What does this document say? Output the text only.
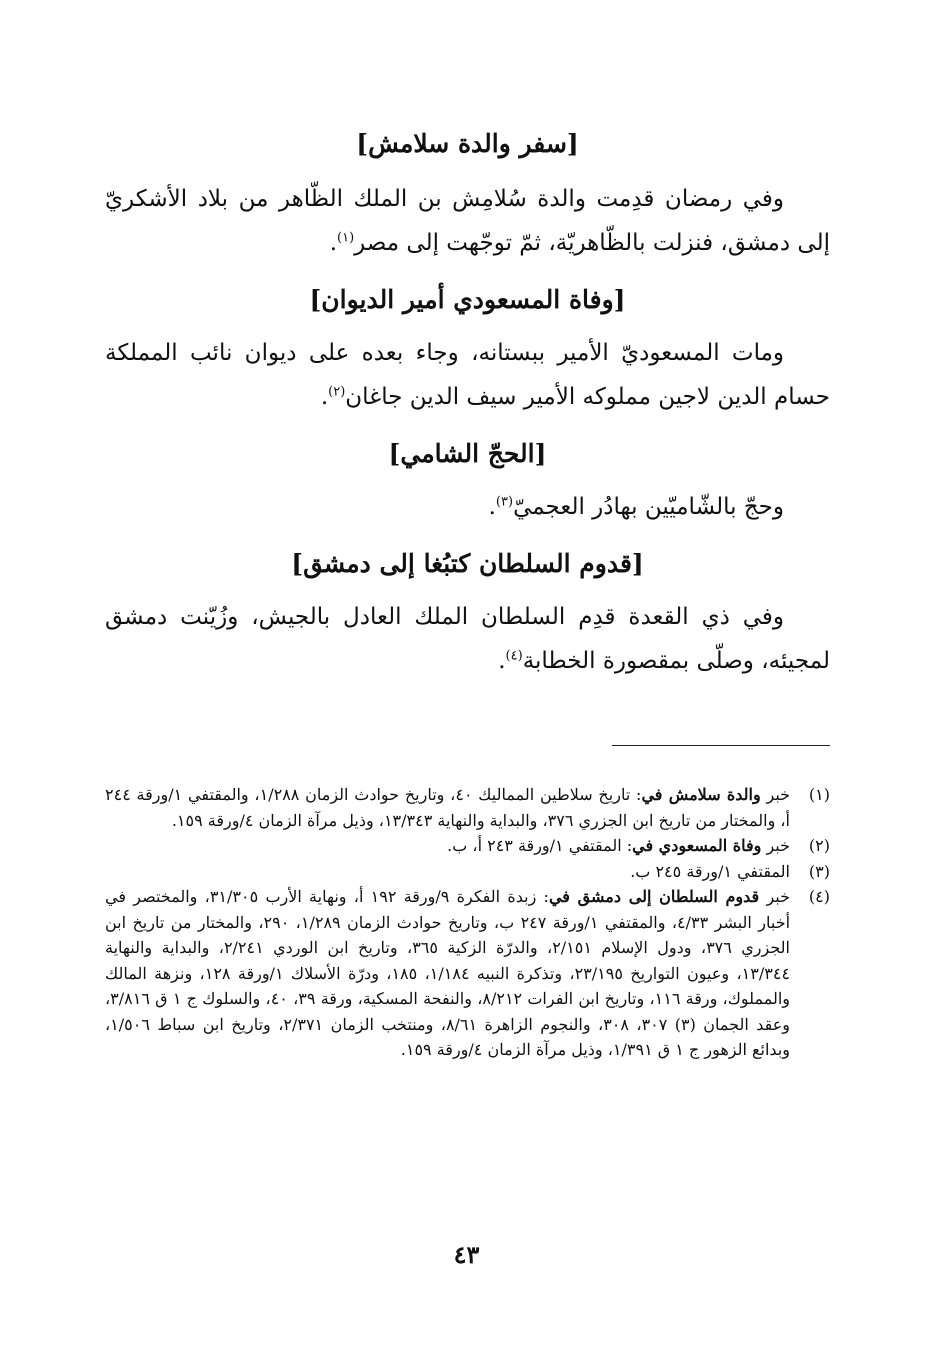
[سفر والدة سلامش]

وفي رمضان قدِمت والدة سُلامِش بن الملك الظّاهر من بلاد الأشكريّ إلى دمشق، فنزلت بالظّاهريّة، ثمّ توجّهت إلى مصر$^{(١)}$.

[وفاة المسعودي أمير الديوان]

ومات المسعوديّ الأمير ببستانه، وجاء بعده على ديوان نائب المملكة حسام الدين لاجين مملوكه الأمير سيف الدين جاغان$^{(٢)}$.

[الحجّ الشامي]

وحجّ بالشّاميّين بهادُر العجميّ$^{(٣)}$.

[قدوم السلطان كتبُغا إلى دمشق]

وفي ذي القعدة قدِم السلطان الملك العادل بالجيش، وزُيّنت دمشق لمجيئه، وصلّى بمقصورة الخطابة$^{(٤)}$.

(١)
خبر والدة سلامش في: تاريخ سلاطين المماليك ٤٠، وتاريخ حوادث الزمان ١/٢٨٨، والمقتفي ١/ورقة ٢٤٤ أ، والمختار من تاريخ ابن الجزري ٣٧٦، والبداية والنهاية ١٣/٣٤٣، وذيل مرآة الزمان ٤/ورقة ١٥٩.
(٢)
خبر وفاة المسعودي في: المقتفي ١/ورقة ٢٤٣ أ، ب.
(٣)
المقتفي ١/ورقة ٢٤٥ ب.
(٤)
خبر قدوم السلطان إلى دمشق في: زبدة الفكرة ٩/ورقة ١٩٢ أ، ونهاية الأرب ٣١/٣٠٥، والمختصر في أخبار البشر ٤/٣٣، والمقتفي ١/ورقة ٢٤٧ ب، وتاريخ حوادث الزمان ١/٢٨٩، ٢٩٠، والمختار من تاريخ ابن الجزري ٣٧٦، ودول الإسلام ٢/١٥١، والدرّة الزكية ٣٦٥، وتاريخ ابن الوردي ٢/٢٤١، والبداية والنهاية ١٣/٣٤٤، وعيون التواريخ ٢٣/١٩٥، وتذكرة النبيه ١/١٨٤، ١٨٥، ودرّة الأسلاك ١/ورقة ١٢٨، ونزهة المالك والمملوك، ورقة ١١٦، وتاريخ ابن الفرات ٨/٢١٢، والنفحة المسكية، ورقة ٣٩، ٤٠، والسلوك ج ١ ق ٣/٨١٦، وعقد الجمان (٣) ٣٠٧، ٣٠٨، والنجوم الزاهرة ٨/٦١، ومنتخب الزمان ٢/٣٧١، وتاريخ ابن سباط ١/٥٠٦، وبدائع الزهور ج ١ ق ١/٣٩١، وذيل مرآة الزمان ٤/ورقة ١٥٩.
٤٣
